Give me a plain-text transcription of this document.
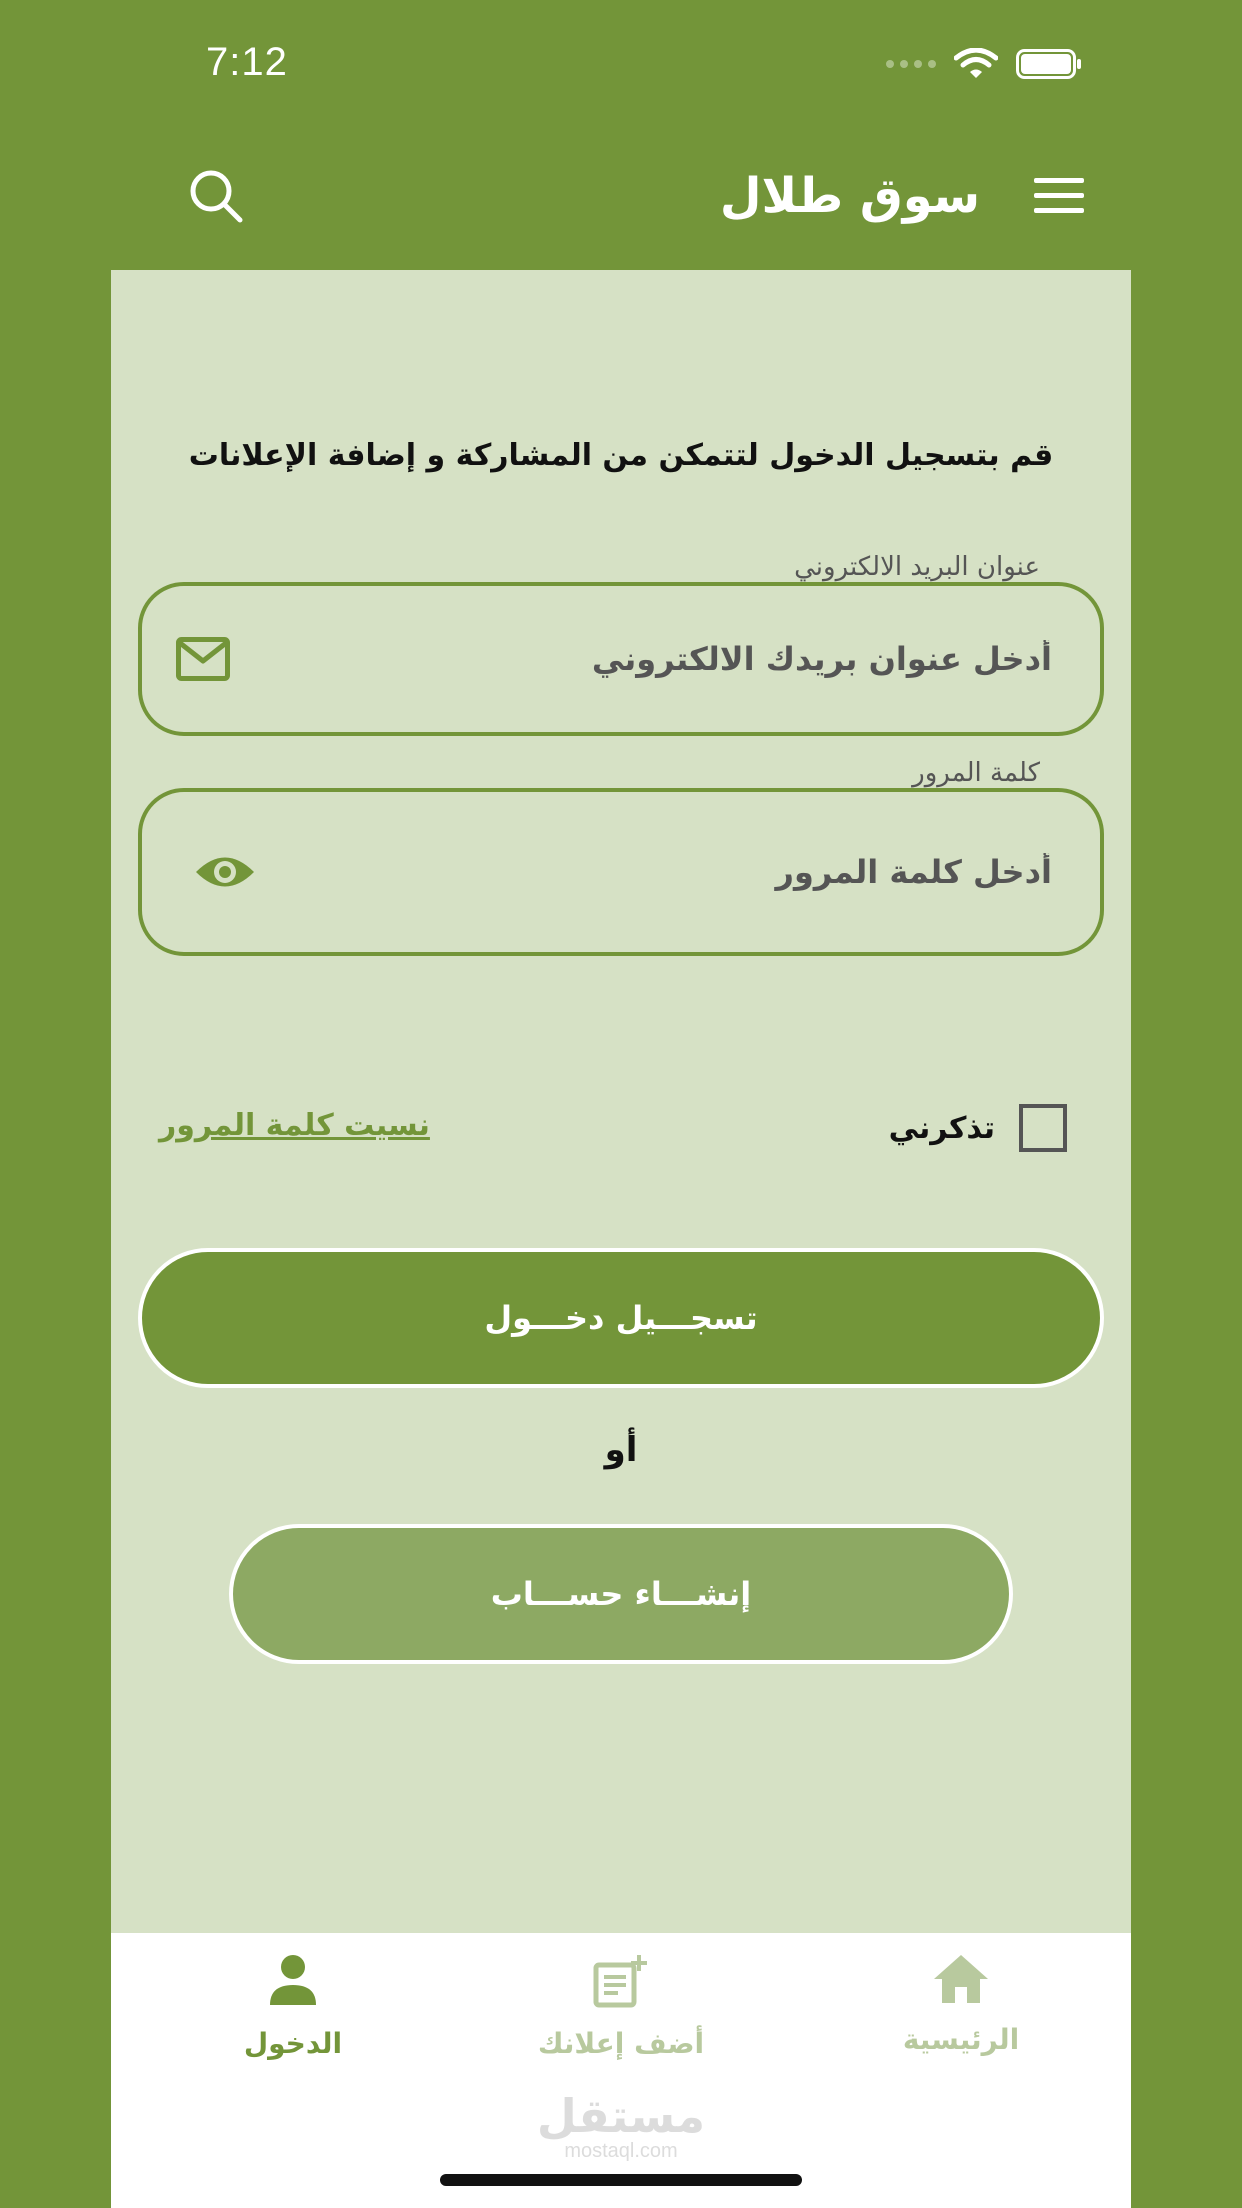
7:12
سوق طلال
قم بتسجيل الدخول لتتمكن من المشاركة و إضافة الإعلانات
عنوان البريد الالكتروني
أدخل عنوان بريدك الالكتروني
كلمة المرور
تذكرني
نسيت كلمة المرور
تسجـــيل دخـــول
أو
إنشـــاء حســـاب
الدخول	أضف إعلانك	الرئيسية
مستقل
mostaql.com
